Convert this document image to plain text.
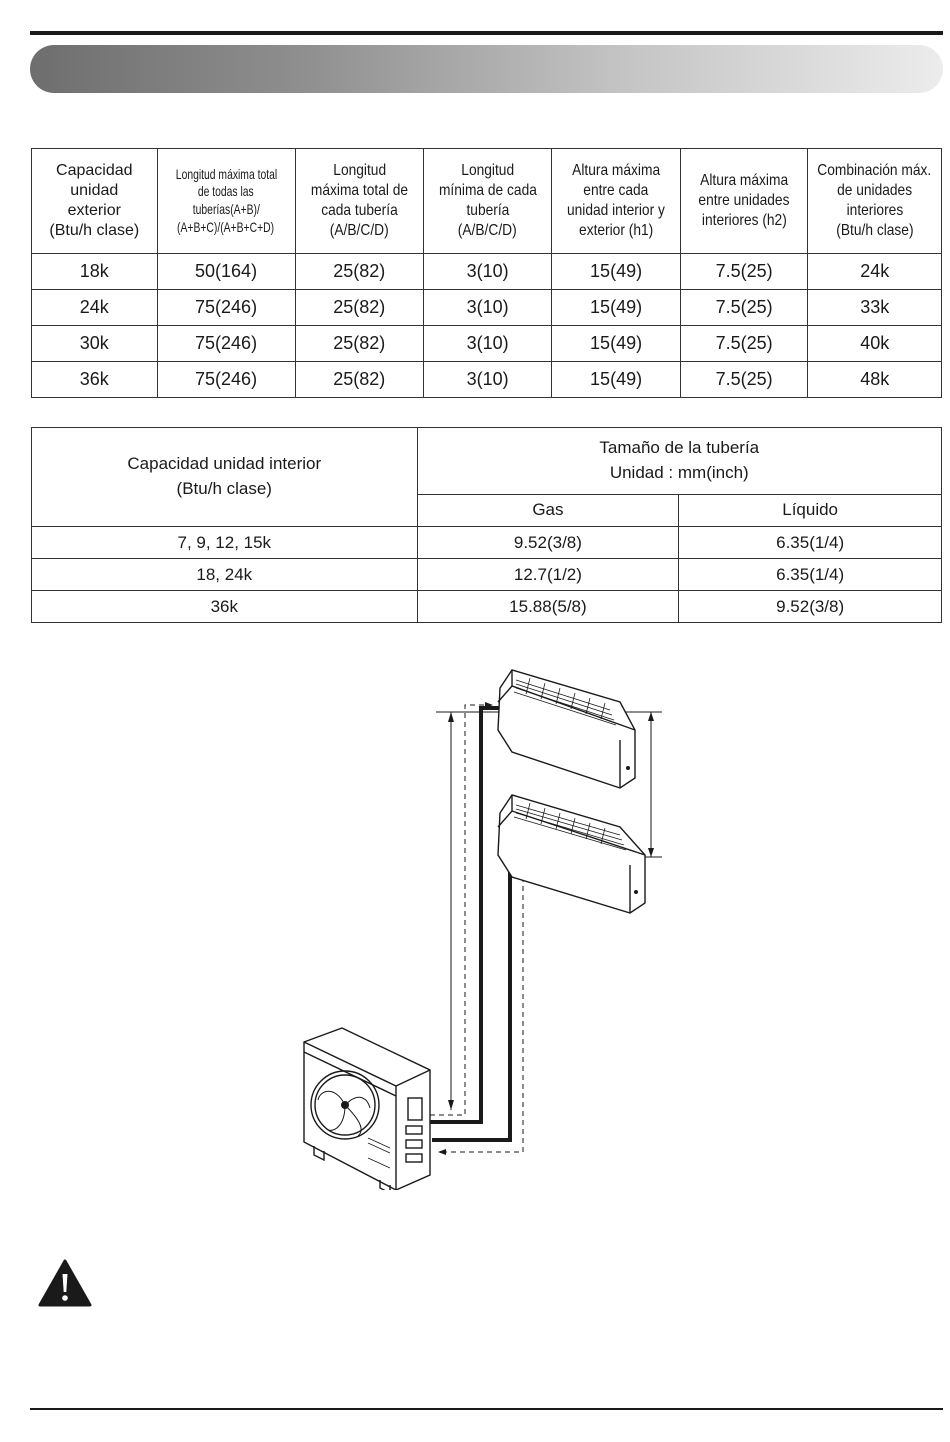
Capacidad
unidad
exterior
(Btu/h clase)	Longitud máxima total
de todas las
tuberías(A+B)/
(A+B+C)/(A+B+C+D)	Longitud
máxima total de
cada tubería
(A/B/C/D)	Longitud
mínima de cada
tubería
(A/B/C/D)	Altura máxima
entre cada
unidad interior y
exterior (h1)	Altura máxima
entre unidades
interiores (h2)	Combinación máx.
de unidades
interiores
(Btu/h clase)
18k	50(164)	25(82)	3(10)	15(49)	7.5(25)	24k
24k	75(246)	25(82)	3(10)	15(49)	7.5(25)	33k
30k	75(246)	25(82)	3(10)	15(49)	7.5(25)	40k
36k	75(246)	25(82)	3(10)	15(49)	7.5(25)	48k
Capacidad unidad interior
(Btu/h clase)	Tamaño de la tubería
Unidad : mm(inch)	
	Gas	Líquido
7, 9, 12, 15k	9.52(3/8)	6.35(1/4)
18, 24k	12.7(1/2)	6.35(1/4)
36k	15.88(5/8)	9.52(3/8)
